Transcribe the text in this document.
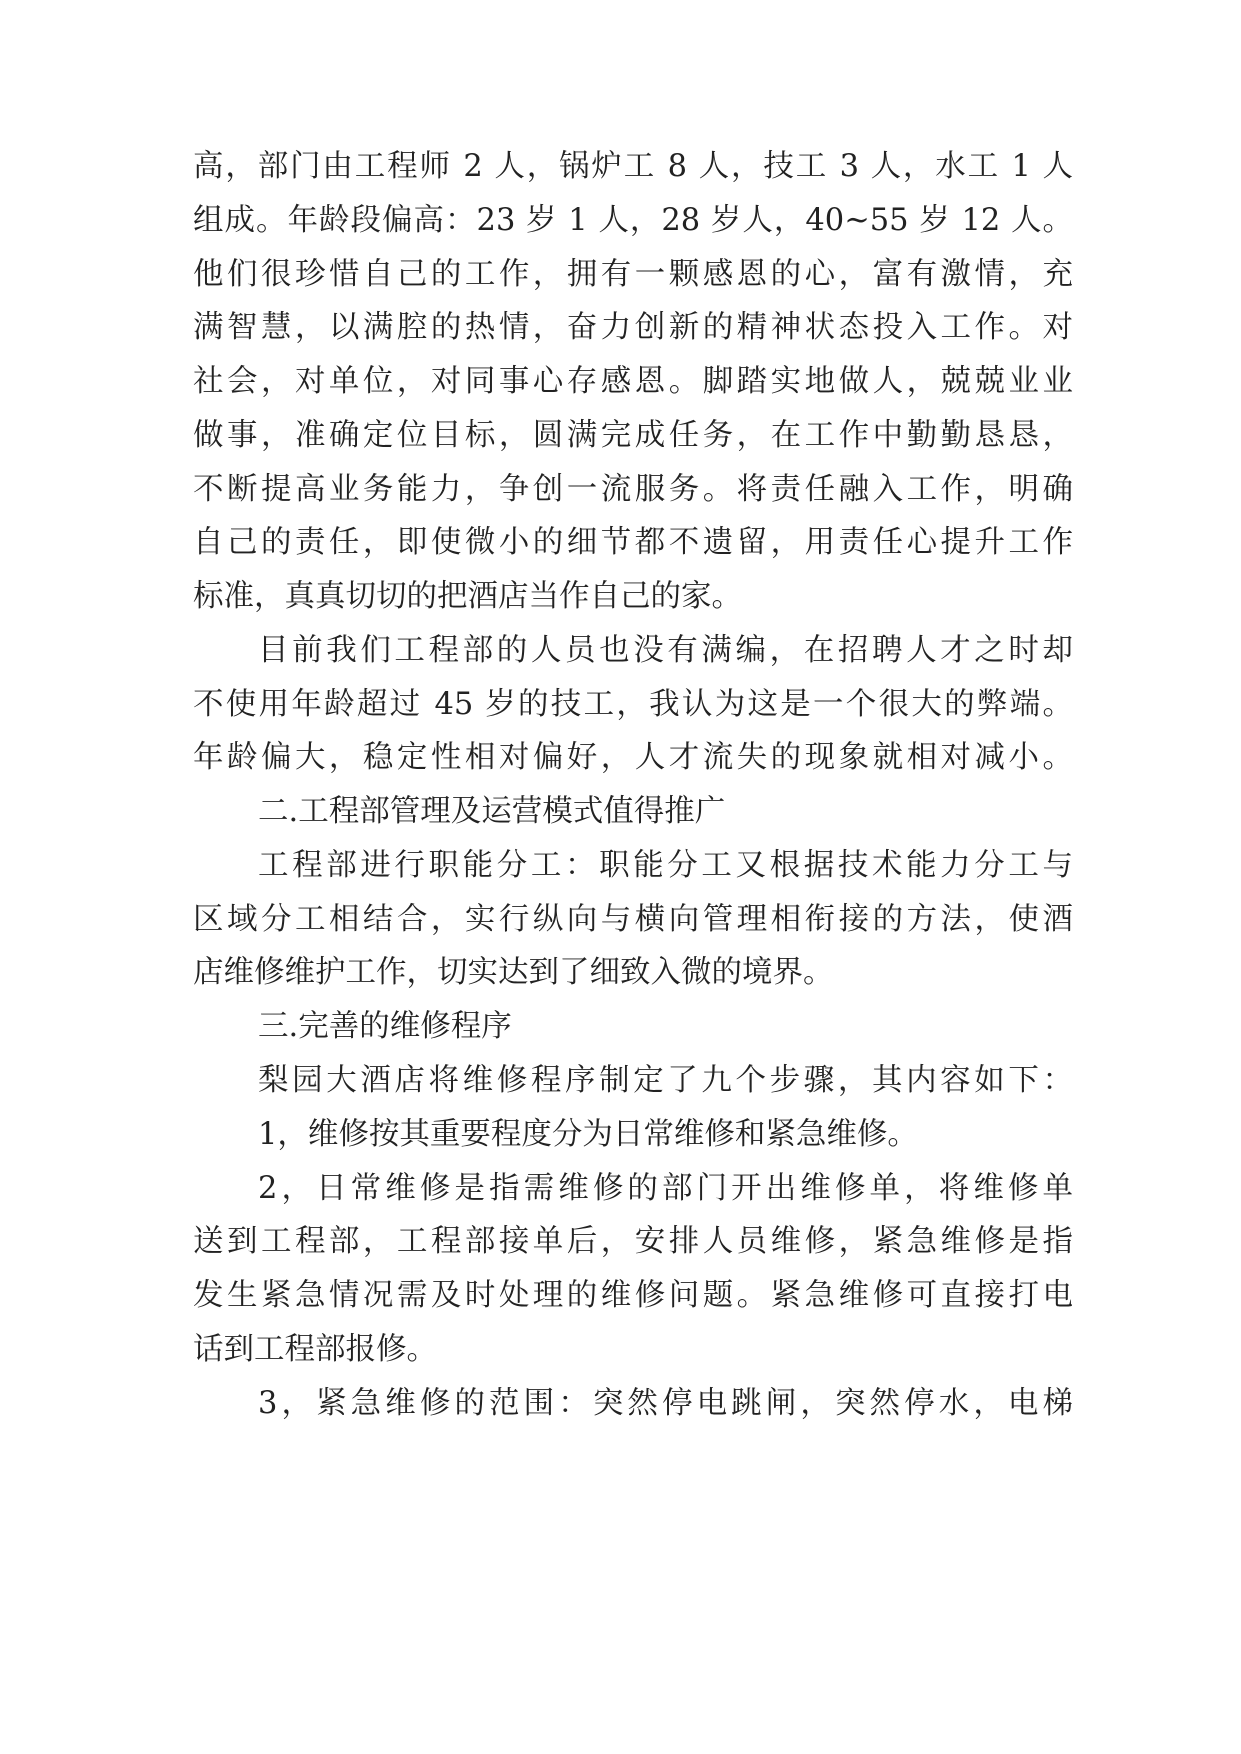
高，部门由工程师 2 人，锅炉工 8 人，技工 3 人，水工 1 人
组成。年龄段偏高：23 岁 1 人，28 岁人，40~55 岁 12 人。
他们很珍惜自己的工作，拥有一颗感恩的心，富有激情，充
满智慧，以满腔的热情，奋力创新的精神状态投入工作。对
社会，对单位，对同事心存感恩。脚踏实地做人，兢兢业业
做事，准确定位目标，圆满完成任务，在工作中勤勤恳恳，
不断提高业务能力，争创一流服务。将责任融入工作，明确
自己的责任，即使微小的细节都不遗留，用责任心提升工作
标准，真真切切的把酒店当作自己的家。
目前我们工程部的人员也没有满编，在招聘人才之时却
不使用年龄超过 45 岁的技工，我认为这是一个很大的弊端。
年龄偏大，稳定性相对偏好，人才流失的现象就相对减小。
二.工程部管理及运营模式值得推广
工程部进行职能分工：职能分工又根据技术能力分工与
区域分工相结合，实行纵向与横向管理相衔接的方法，使酒
店维修维护工作，切实达到了细致入微的境界。
三.完善的维修程序
梨园大酒店将维修程序制定了九个步骤，其内容如下：
1，维修按其重要程度分为日常维修和紧急维修。
2，日常维修是指需维修的部门开出维修单，将维修单
送到工程部，工程部接单后，安排人员维修，紧急维修是指
发生紧急情况需及时处理的维修问题。紧急维修可直接打电
话到工程部报修。
3，紧急维修的范围：突然停电跳闸，突然停水，电梯
